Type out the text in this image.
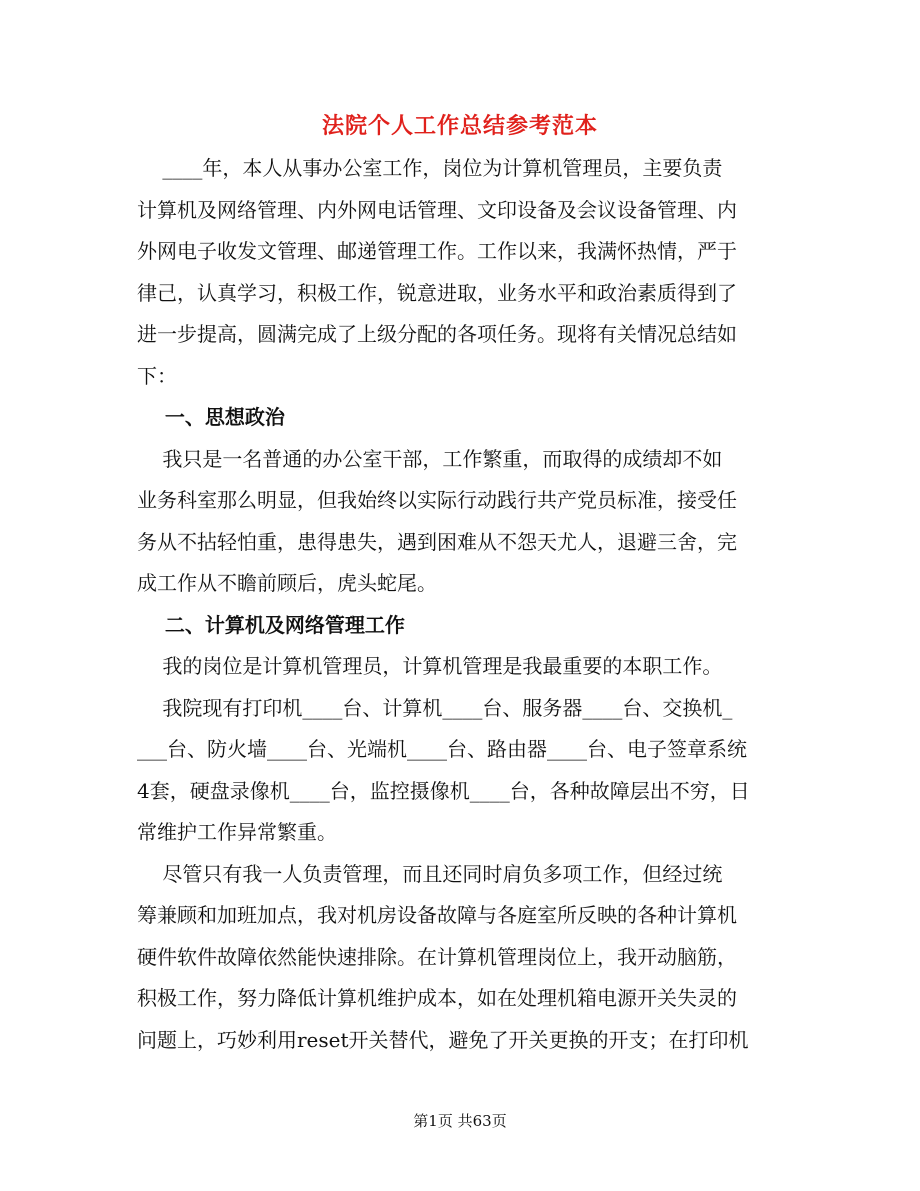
法院个人工作总结参考范本
____年，本人从事办公室工作，岗位为计算机管理员，主要负责
计算机及网络管理、内外网电话管理、文印设备及会议设备管理、内
外网电子收发文管理、邮递管理工作。工作以来，我满怀热情，严于
律己，认真学习，积极工作，锐意进取，业务水平和政治素质得到了
进一步提高，圆满完成了上级分配的各项任务。现将有关情况总结如
下：
一、思想政治
我只是一名普通的办公室干部，工作繁重，而取得的成绩却不如
业务科室那么明显，但我始终以实际行动践行共产党员标准，接受任
务从不拈轻怕重，患得患失，遇到困难从不怨天尤人，退避三舍，完
成工作从不瞻前顾后，虎头蛇尾。
二、计算机及网络管理工作
我的岗位是计算机管理员，计算机管理是我最重要的本职工作。
我院现有打印机____台、计算机____台、服务器____台、交换机_
___台、防火墙____台、光端机____台、路由器____台、电子签章系统
4套，硬盘录像机____台，监控摄像机____台，各种故障层出不穷，日
常维护工作异常繁重。
尽管只有我一人负责管理，而且还同时肩负多项工作，但经过统
筹兼顾和加班加点，我对机房设备故障与各庭室所反映的各种计算机
硬件软件故障依然能快速排除。在计算机管理岗位上，我开动脑筋，
积极工作，努力降低计算机维护成本，如在处理机箱电源开关失灵的
问题上，巧妙利用reset开关替代，避免了开关更换的开支；在打印机
第1页 共63页
